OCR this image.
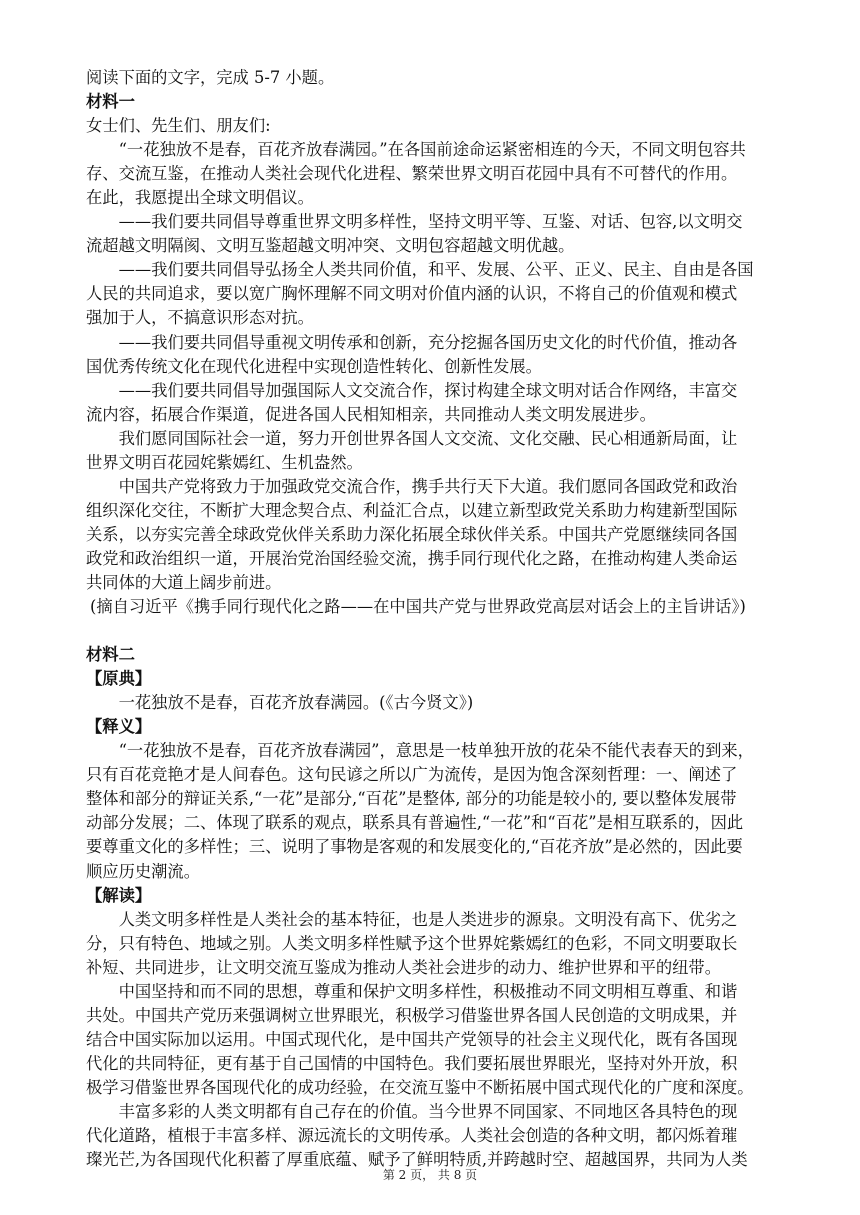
阅读下面的文字，完成 5-7 小题。
材料一
女士们、先生们、朋友们:
“一花独放不是春，百花齐放春满园。”在各国前途命运紧密相连的今天，不同文明包容共
存、交流互鉴，在推动人类社会现代化进程、繁荣世界文明百花园中具有不可替代的作用。
在此，我愿提出全球文明倡议。
——我们要共同倡导尊重世界文明多样性，坚持文明平等、互鉴、对话、包容,以文明交
流超越文明隔阂、文明互鉴超越文明冲突、文明包容超越文明优越。
——我们要共同倡导弘扬全人类共同价值，和平、发展、公平、正义、民主、自由是各国
人民的共同追求，要以宽广胸怀理解不同文明对价值内涵的认识，不将自己的价值观和模式
强加于人，不搞意识形态对抗。
——我们要共同倡导重视文明传承和创新，充分挖掘各国历史文化的时代价值，推动各
国优秀传统文化在现代化进程中实现创造性转化、创新性发展。
——我们要共同倡导加强国际人文交流合作，探讨构建全球文明对话合作网络，丰富交
流内容，拓展合作渠道，促进各国人民相知相亲，共同推动人类文明发展进步。
我们愿同国际社会一道，努力开创世界各国人文交流、文化交融、民心相通新局面，让
世界文明百花园姹紫嫣红、生机盎然。
中国共产党将致力于加强政党交流合作，携手共行天下大道。我们愿同各国政党和政治
组织深化交往，不断扩大理念契合点、利益汇合点，以建立新型政党关系助力构建新型国际
关系，以夯实完善全球政党伙伴关系助力深化拓展全球伙伴关系。中国共产党愿继续同各国
政党和政治组织一道，开展治党治国经验交流，携手同行现代化之路，在推动构建人类命运
共同体的大道上阔步前进。
(摘自习近平《携手同行现代化之路——在中国共产党与世界政党高层对话会上的主旨讲话》)
材料二
【原典】
一花独放不是春，百花齐放春满园。(《古今贤文》)
【释义】
“一花独放不是春，百花齐放春满园”，意思是一枝单独开放的花朵不能代表春天的到来，
只有百花竞艳才是人间春色。这句民谚之所以广为流传，是因为饱含深刻哲理：一、阐述了
整体和部分的辩证关系,“一花”是部分,“百花”是整体, 部分的功能是较小的, 要以整体发展带
动部分发展；二、体现了联系的观点，联系具有普遍性,“一花”和“百花”是相互联系的，因此
要尊重文化的多样性；三、说明了事物是客观的和发展变化的,“百花齐放”是必然的，因此要
顺应历史潮流。
【解读】
人类文明多样性是人类社会的基本特征，也是人类进步的源泉。文明没有高下、优劣之
分，只有特色、地域之别。人类文明多样性赋予这个世界姹紫嫣红的色彩，不同文明要取长
补短、共同进步，让文明交流互鉴成为推动人类社会进步的动力、维护世界和平的纽带。
中国坚持和而不同的思想，尊重和保护文明多样性，积极推动不同文明相互尊重、和谐
共处。中国共产党历来强调树立世界眼光，积极学习借鉴世界各国人民创造的文明成果，并
结合中国实际加以运用。中国式现代化，是中国共产党领导的社会主义现代化，既有各国现
代化的共同特征，更有基于自己国情的中国特色。我们要拓展世界眼光，坚持对外开放，积
极学习借鉴世界各国现代化的成功经验，在交流互鉴中不断拓展中国式现代化的广度和深度。
丰富多彩的人类文明都有自己存在的价值。当今世界不同国家、不同地区各具特色的现
代化道路，植根于丰富多样、源远流长的文明传承。人类社会创造的各种文明，都闪烁着璀
璨光芒,为各国现代化积蓄了厚重底蕴、赋予了鲜明特质,并跨越时空、超越国界，共同为人类
第 2 页， 共 8 页
